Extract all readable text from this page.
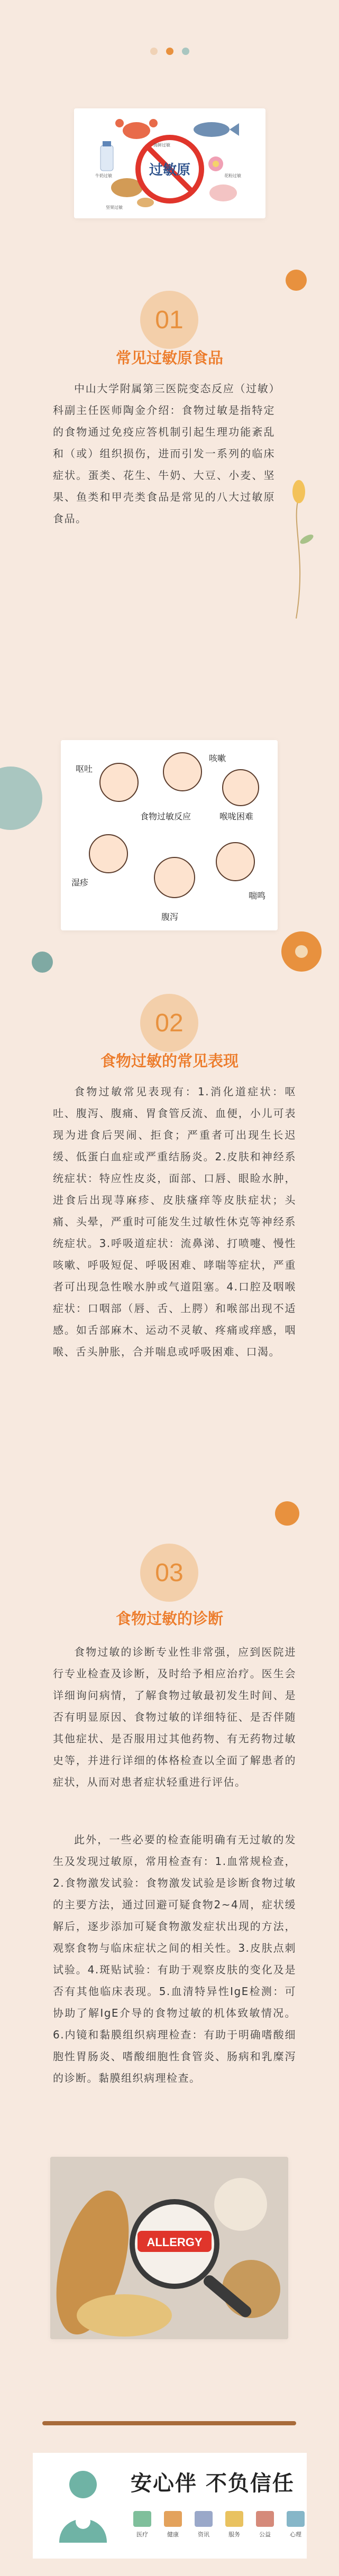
过敏原
海鲜过敏
牛奶过敏	花粉过敏
坚果过敏
01
常见过敏原食品
中山大学附属第三医院变态反应（过敏）科副主任医师陶金介绍：食物过敏是指特定的食物通过免疫应答机制引起生理功能紊乱和（或）组织损伤，进而引发一系列的临床症状。蛋类、花生、牛奶、大豆、小麦、坚果、鱼类和甲壳类食品是常见的八大过敏原食品。
呕吐
咳嗽
喉咙困难
食物过敏反应
湿疹
腹泻
喘鸣
02
食物过敏的常见表现
食物过敏常见表现有：1.消化道症状：呕吐、腹泻、腹痛、胃食管反流、血便，小儿可表现为进食后哭闹、拒食；严重者可出现生长迟缓、低蛋白血症或严重结肠炎。2.皮肤和神经系统症状：特应性皮炎，面部、口唇、眼睑水肿，进食后出现荨麻疹、皮肤瘙痒等皮肤症状；头痛、头晕，严重时可能发生过敏性休克等神经系统症状。3.呼吸道症状：流鼻涕、打喷嚏、慢性咳嗽、呼吸短促、呼吸困难、哮喘等症状，严重者可出现急性喉水肿或气道阻塞。4.口腔及咽喉症状：口咽部（唇、舌、上腭）和喉部出现不适感。如舌部麻木、运动不灵敏、疼痛或痒感，咽喉、舌头肿胀，合并喘息或呼吸困难、口渴。
03
食物过敏的诊断
食物过敏的诊断专业性非常强，应到医院进行专业检查及诊断，及时给予相应治疗。医生会详细询问病情，了解食物过敏最初发生时间、是否有明显原因、食物过敏的详细特征、是否伴随其他症状、是否服用过其他药物、有无药物过敏史等，并进行详细的体格检查以全面了解患者的症状，从而对患者症状轻重进行评估。
此外，一些必要的检查能明确有无过敏的发生及发现过敏原，常用检查有：1.血常规检查，2.食物激发试验：食物激发试验是诊断食物过敏的主要方法，通过回避可疑食物2~4周，症状缓解后，逐步添加可疑食物激发症状出现的方法，观察食物与临床症状之间的相关性。3.皮肤点刺试验。4.斑贴试验：有助于观察皮肤的变化及是否有其他临床表现。5.血清特异性IgE检测：可协助了解IgE介导的食物过敏的机体致敏情况。6.内镜和黏膜组织病理检查：有助于明确嗜酸细胞性胃肠炎、嗜酸细胞性食管炎、肠病和乳糜泻的诊断。黏膜组织病理检查。
ALLERGY
安心伴 不负信任
医疗	健康	资讯	服务	公益	心理
